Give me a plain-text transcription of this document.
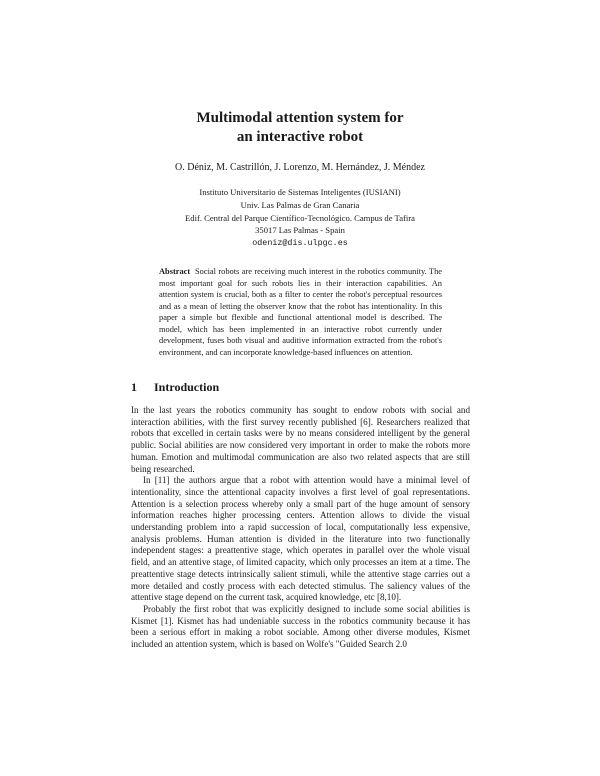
Multimodal attention system for
an interactive robot
O. Déniz, M. Castrillón, J. Lorenzo, M. Hernández, J. Méndez
Instituto Universitario de Sistemas Inteligentes (IUSIANI)
Univ. Las Palmas de Gran Canaria
Edif. Central del Parque Científico-Tecnológico. Campus de Tafira
35017 Las Palmas - Spain
odeniz@dis.ulpgc.es
Abstract Social robots are receiving much interest in the robotics community. The most important goal for such robots lies in their interaction capabilities. An attention system is crucial, both as a filter to center the robot's perceptual resources and as a mean of letting the observer know that the robot has intentionality. In this paper a simple but flexible and functional attentional model is described. The model, which has been implemented in an interactive robot currently under development, fuses both visual and auditive information extracted from the robot's environment, and can incorporate knowledge-based influences on attention.
1 Introduction

In the last years the robotics community has sought to endow robots with social and interaction abilities, with the first survey recently published [6]. Researchers realized that robots that excelled in certain tasks were by no means considered intelligent by the general public. Social abilities are now considered very important in order to make the robots more human. Emotion and multimodal communication are also two related aspects that are still being researched.

In [11] the authors argue that a robot with attention would have a minimal level of intentionality, since the attentional capacity involves a first level of goal representations. Attention is a selection process whereby only a small part of the huge amount of sensory information reaches higher processing centers. Attention allows to divide the visual understanding problem into a rapid succession of local, computationally less expensive, analysis problems. Human attention is divided in the literature into two functionally independent stages: a preattentive stage, which operates in parallel over the whole visual field, and an attentive stage, of limited capacity, which only processes an item at a time. The preattentive stage detects intrinsically salient stimuli, while the attentive stage carries out a more detailed and costly process with each detected stimulus. The saliency values of the attentive stage depend on the current task, acquired knowledge, etc [8,10].

Probably the first robot that was explicitly designed to include some social abilities is Kismet [1]. Kismet has had undeniable success in the robotics community because it has been a serious effort in making a robot sociable. Among other diverse modules, Kismet included an attention system, which is based on Wolfe's "Guided Search 2.0
